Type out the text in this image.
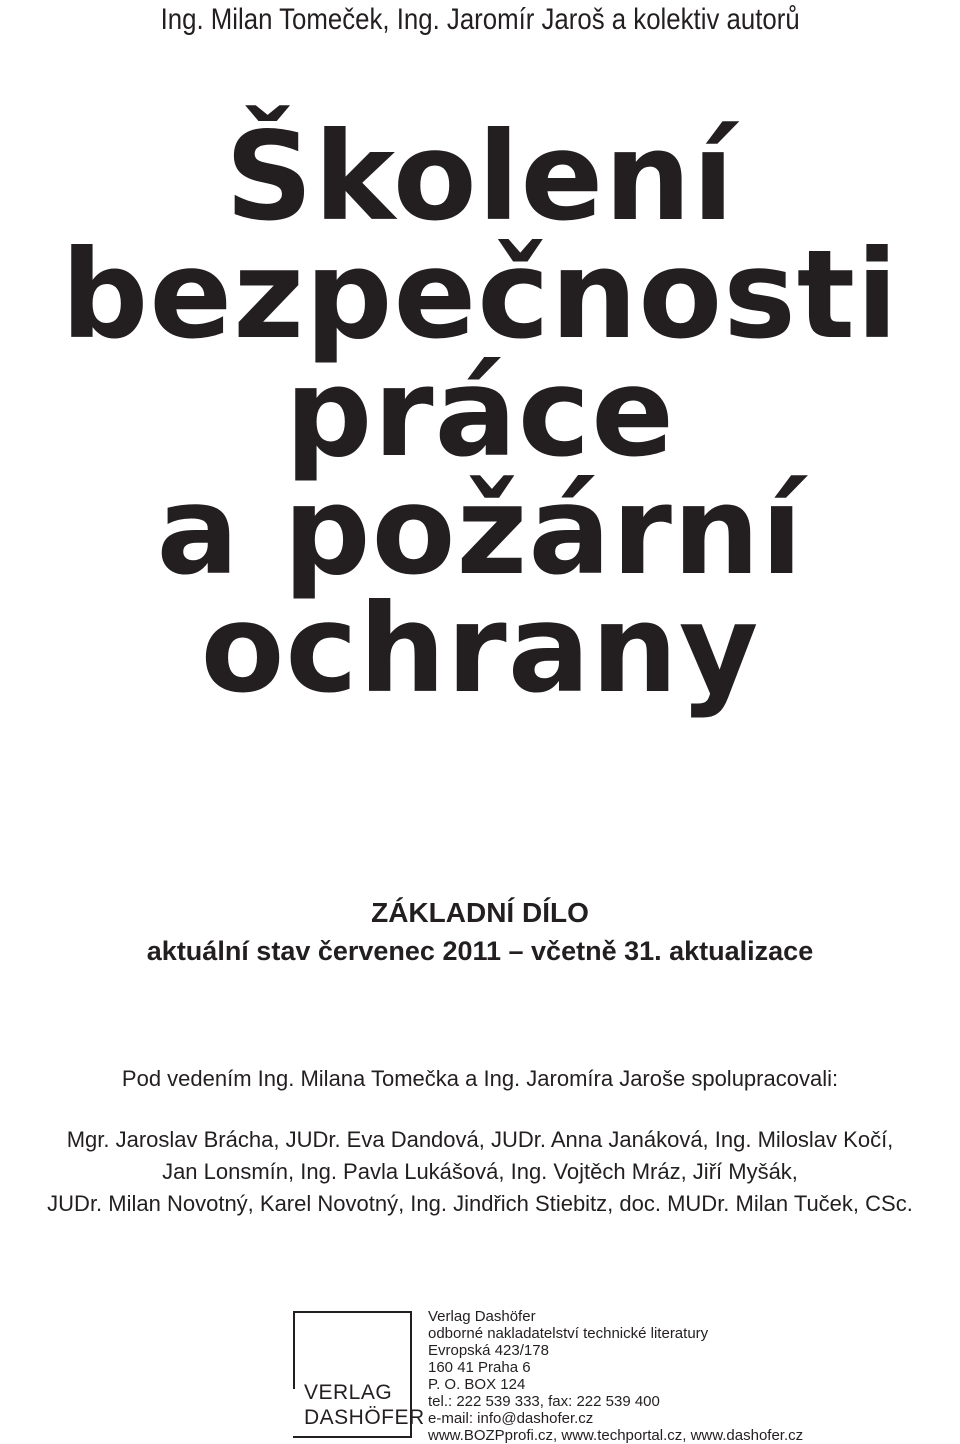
Ing. Milan Tomeček, Ing. Jaromír Jaroš a kolektiv autorů
Školení
bezpečnosti
práce
a požární
ochrany
ZÁKLADNÍ DÍLO
aktuální stav červenec 2011 – včetně 31. aktualizace
Pod vedením Ing. Milana Tomečka a Ing. Jaromíra Jaroše spolupracovali:
Mgr. Jaroslav Brácha, JUDr. Eva Dandová, JUDr. Anna Janáková, Ing. Miloslav Kočí,
Jan Lonsmín, Ing. Pavla Lukášová, Ing. Vojtěch Mráz, Jiří Myšák,
JUDr. Milan Novotný, Karel Novotný, Ing. Jindřich Stiebitz, doc. MUDr. Milan Tuček, CSc.
VERLAG
DASHÖFER
Verlag Dashöfer
odborné nakladatelství technické literatury
Evropská 423/178
160 41 Praha 6
P. O. BOX 124
tel.: 222 539 333, fax: 222 539 400
e-mail: info@dashofer.cz
www.BOZPprofi.cz, www.techportal.cz, www.dashofer.cz
